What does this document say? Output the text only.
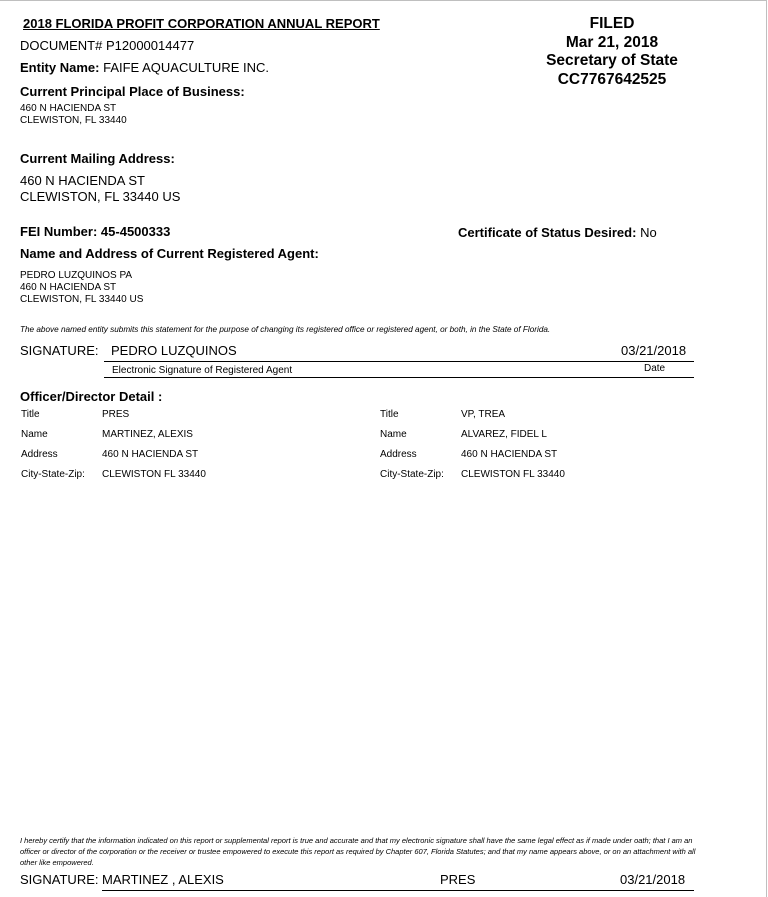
2018 FLORIDA PROFIT CORPORATION ANNUAL REPORT
DOCUMENT# P12000014477
Entity Name: FAIFE AQUACULTURE INC.
FILED
Mar 21, 2018
Secretary of State
CC7767642525
Current Principal Place of Business:
460 N HACIENDA ST
CLEWISTON, FL 33440
Current Mailing Address:
460 N HACIENDA ST
CLEWISTON, FL 33440 US
FEI Number: 45-4500333	Certificate of Status Desired: No
Name and Address of Current Registered Agent:
PEDRO LUZQUINOS PA
460 N HACIENDA ST
CLEWISTON, FL 33440 US
The above named entity submits this statement for the purpose of changing its registered office or registered agent, or both, in the State of Florida.
SIGNATURE: PEDRO LUZQUINOS	03/21/2018
Electronic Signature of Registered Agent	Date
Officer/Director Detail :
Title	PRES
Name	MARTINEZ, ALEXIS
Address	460 N HACIENDA ST
City-State-Zip: CLEWISTON FL 33440
Title	VP, TREA
Name	ALVAREZ, FIDEL L
Address	460 N HACIENDA ST
City-State-Zip: CLEWISTON FL 33440
I hereby certify that the information indicated on this report or supplemental report is true and accurate and that my electronic signature shall have the same legal effect as if made under oath; that I am an officer or director of the corporation or the receiver or trustee empowered to execute this report as required by Chapter 607, Florida Statutes; and that my name appears above, or on an attachment with all other like empowered.
SIGNATURE: MARTINEZ , ALEXIS	PRES	03/21/2018
